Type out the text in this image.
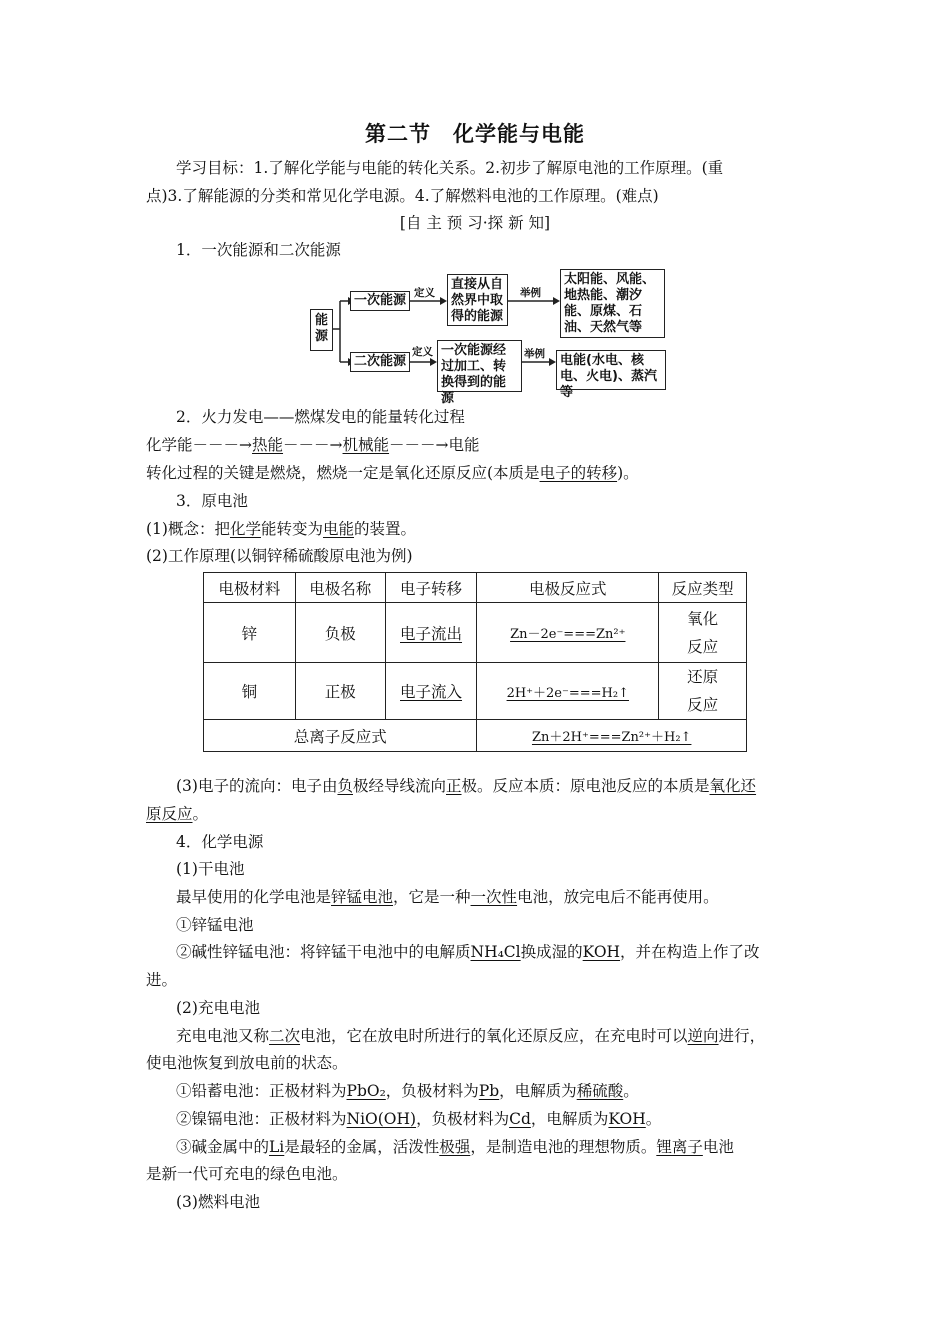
第二节　化学能与电能
学习目标：1.了解化学能与电能的转化关系。2.初步了解原电池的工作原理。(重
点)3.了解能源的分类和常见化学电源。4.了解燃料电池的工作原理。(难点)
[自 主 预 习·探 新 知]
1．一次能源和二次能源
能源
一次能源 定义
直接从自然界中取得的能源
举例
太阳能、风能、地热能、潮汐能、原煤、石油、天然气等
二次能源
定义 一次能源经过加工、转换得到的能源
举例	电能(水电、核电、火电)、蒸汽等
2．火力发电——燃煤发电的能量转化过程
化学能－－－→热能－－－→机械能－－－→电能
转化过程的关键是燃烧，燃烧一定是氧化还原反应(本质是电子的转移)。
3．原电池
(1)概念：把化学能转变为电能的装置。
(2)工作原理(以铜锌稀硫酸原电池为例)
电极材料	电极名称	电子转移	电极反应式	反应类型
锌	负极	电子流出	Zn－2e⁻===Zn²⁺	氧化
反应
铜	正极	电子流入	2H⁺＋2e⁻===H₂↑	还原
反应
总离子反应式			Zn＋2H⁺===Zn²⁺＋H₂↑	
(3)电子的流向：电子由负极经导线流向正极。反应本质：原电池反应的本质是氧化还
原反应。
4．化学电源
(1)干电池
最早使用的化学电池是锌锰电池，它是一种一次性电池，放完电后不能再使用。
①锌锰电池
②碱性锌锰电池：将锌锰干电池中的电解质NH₄Cl换成湿的KOH，并在构造上作了改
进。
(2)充电电池
充电电池又称二次电池，它在放电时所进行的氧化还原反应，在充电时可以逆向进行，
使电池恢复到放电前的状态。
①铅蓄电池：正极材料为PbO₂，负极材料为Pb，电解质为稀硫酸。
②镍镉电池：正极材料为NiO(OH)，负极材料为Cd，电解质为KOH。
③碱金属中的Li是最轻的金属，活泼性极强，是制造电池的理想物质。锂离子电池
是新一代可充电的绿色电池。
(3)燃料电池
